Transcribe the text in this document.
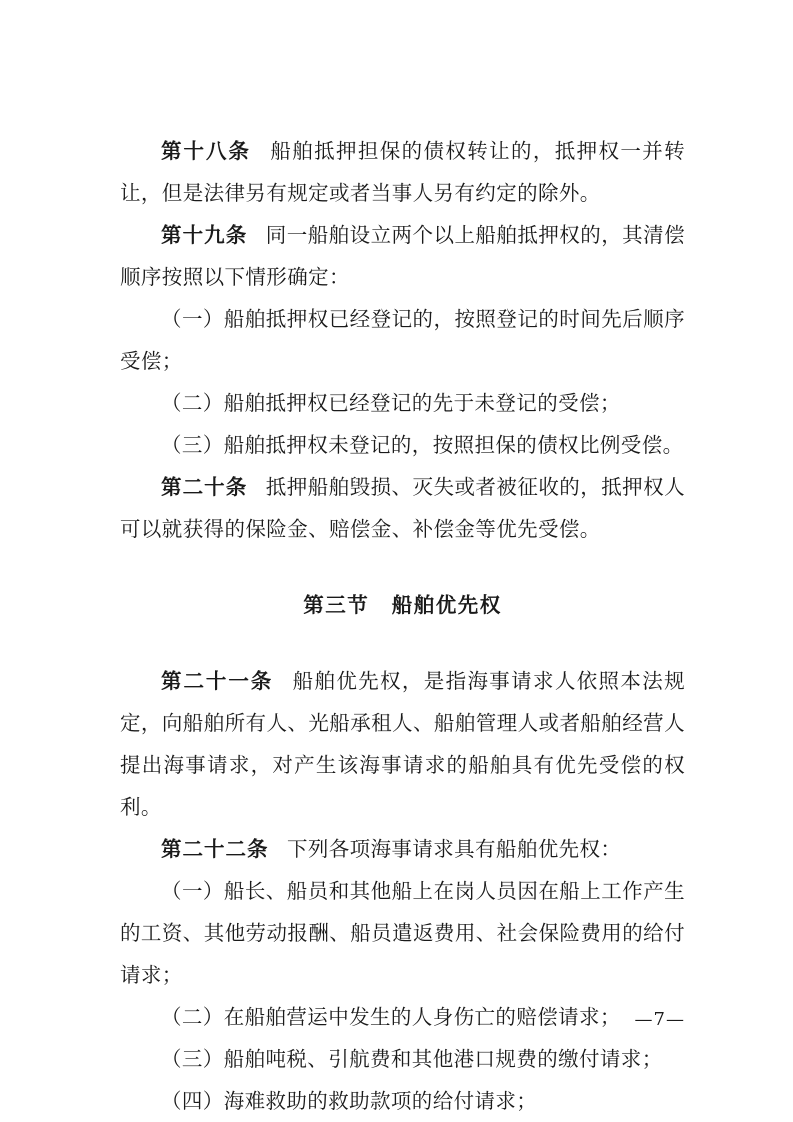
第十八条 船舶抵押担保的债权转让的，抵押权一并转让，但是法律另有规定或者当事人另有约定的除外。

第十九条 同一船舶设立两个以上船舶抵押权的，其清偿顺序按照以下情形确定：

（一）船舶抵押权已经登记的，按照登记的时间先后顺序受偿；

（二）船舶抵押权已经登记的先于未登记的受偿；

（三）船舶抵押权未登记的，按照担保的债权比例受偿。

第二十条 抵押船舶毁损、灭失或者被征收的，抵押权人可以就获得的保险金、赔偿金、补偿金等优先受偿。

第三节 船舶优先权

第二十一条 船舶优先权，是指海事请求人依照本法规定，向船舶所有人、光船承租人、船舶管理人或者船舶经营人提出海事请求，对产生该海事请求的船舶具有优先受偿的权利。

第二十二条 下列各项海事请求具有船舶优先权：

（一）船长、船员和其他船上在岗人员因在船上工作产生的工资、其他劳动报酬、船员遣返费用、社会保险费用的给付请求；

（二）在船舶营运中发生的人身伤亡的赔偿请求；

（三）船舶吨税、引航费和其他港口规费的缴付请求；

（四）海难救助的救助款项的给付请求；

—7—
